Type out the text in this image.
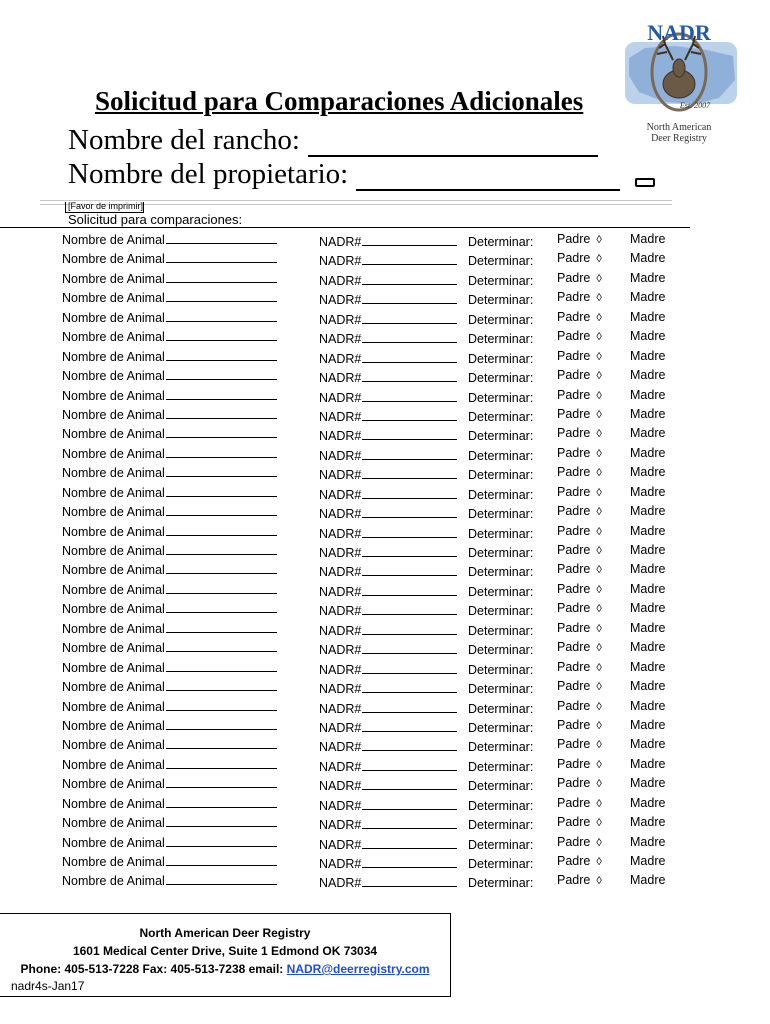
NADR
Est. 2007
North American
Deer Registry
Solicitud para Comparaciones Adicionales
Nombre del rancho:
Nombre del propietario:
[Favor de imprimir]
Solicitud para comparaciones:
Nombre de Animal	NADR#	Determinar: Padre ◊ Madre
Nombre de Animal	NADR#	Determinar: Padre ◊ Madre
Nombre de Animal	NADR#	Determinar: Padre ◊ Madre
Nombre de Animal	NADR#	Determinar: Padre ◊ Madre
Nombre de Animal	NADR#	Determinar: Padre ◊ Madre
Nombre de Animal	NADR#	Determinar: Padre ◊ Madre
Nombre de Animal	NADR#	Determinar: Padre ◊ Madre
Nombre de Animal	NADR#	Determinar: Padre ◊ Madre
Nombre de Animal	NADR#	Determinar: Padre ◊ Madre
Nombre de Animal	NADR#	Determinar: Padre ◊ Madre
Nombre de Animal	NADR#	Determinar: Padre ◊ Madre
Nombre de Animal	NADR#	Determinar: Padre ◊ Madre
Nombre de Animal	NADR#	Determinar: Padre ◊ Madre
Nombre de Animal	NADR#	Determinar: Padre ◊ Madre
Nombre de Animal	NADR#	Determinar: Padre ◊ Madre
Nombre de Animal	NADR#	Determinar: Padre ◊ Madre
Nombre de Animal	NADR#	Determinar: Padre ◊ Madre
Nombre de Animal	NADR#	Determinar: Padre ◊ Madre
Nombre de Animal	NADR#	Determinar: Padre ◊ Madre
Nombre de Animal	NADR#	Determinar: Padre ◊ Madre
Nombre de Animal	NADR#	Determinar: Padre ◊ Madre
Nombre de Animal	NADR#	Determinar: Padre ◊ Madre
Nombre de Animal	NADR#	Determinar: Padre ◊ Madre
Nombre de Animal	NADR#	Determinar: Padre ◊ Madre
Nombre de Animal	NADR#	Determinar: Padre ◊ Madre
Nombre de Animal	NADR#	Determinar: Padre ◊ Madre
Nombre de Animal	NADR#	Determinar: Padre ◊ Madre
Nombre de Animal	NADR#	Determinar: Padre ◊ Madre
Nombre de Animal	NADR#	Determinar: Padre ◊ Madre
Nombre de Animal	NADR#	Determinar: Padre ◊ Madre
Nombre de Animal	NADR#	Determinar: Padre ◊ Madre
Nombre de Animal	NADR#	Determinar: Padre ◊ Madre
Nombre de Animal	NADR#	Determinar: Padre ◊ Madre
Nombre de Animal	NADR#	Determinar: Padre ◊ Madre
North American Deer Registry
1601 Medical Center Drive, Suite 1 Edmond OK 73034
Phone: 405-513-7228 Fax: 405-513-7238 email: NADR@deerregistry.com
nadr4s-Jan17
